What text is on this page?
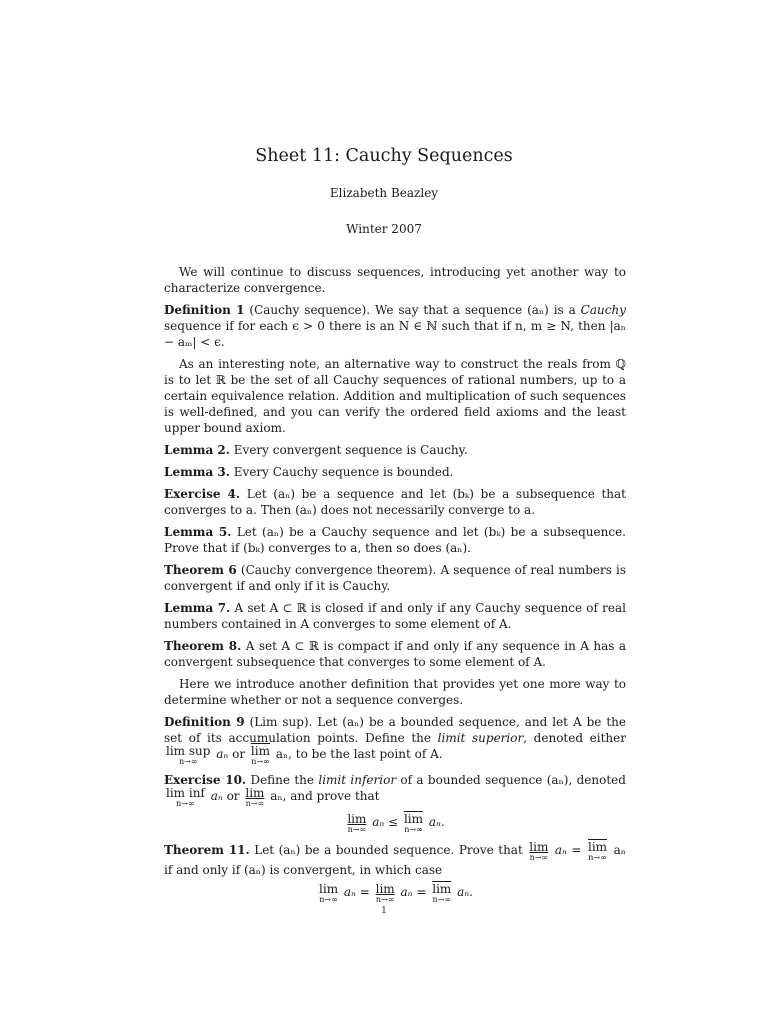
Sheet 11: Cauchy Sequences
Elizabeth Beazley
Winter 2007

We will continue to discuss sequences, introducing yet another way to characterize convergence.

Definition 1 (Cauchy sequence). We say that a sequence (aₙ) is a Cauchy sequence if for each ϵ > 0 there is an N ∈ ℕ such that if n, m ≥ N, then |aₙ − aₘ| < ϵ.

As an interesting note, an alternative way to construct the reals from ℚ is to let ℝ be the set of all Cauchy sequences of rational numbers, up to a certain equivalence relation. Addition and multiplication of such sequences is well-defined, and you can verify the ordered field axioms and the least upper bound axiom.

Lemma 2. Every convergent sequence is Cauchy.

Lemma 3. Every Cauchy sequence is bounded.

Exercise 4. Let (aₙ) be a sequence and let (bₖ) be a subsequence that converges to a. Then (aₙ) does not necessarily converge to a.

Lemma 5. Let (aₙ) be a Cauchy sequence and let (bₖ) be a subsequence. Prove that if (bₖ) converges to a, then so does (aₙ).

Theorem 6 (Cauchy convergence theorem). A sequence of real numbers is convergent if and only if it is Cauchy.

Lemma 7. A set A ⊂ ℝ is closed if and only if any Cauchy sequence of real numbers contained in A converges to some element of A.

Theorem 8. A set A ⊂ ℝ is compact if and only if any sequence in A has a convergent subsequence that converges to some element of A.

Here we introduce another definition that provides yet one more way to determine whether or not a sequence converges.

Definition 9 (Lim sup). Let (aₙ) be a bounded sequence, and let A be the set of its accumulation points. Define the limit superior, denoted either
lim sup
n→∞
aₙ or $\overline{lim}$
n→∞
aₙ, to be the last point of A.

Exercise 10. Define the limit inferior of a bounded sequence (aₙ), denoted
lim inf
n→∞
aₙ or lim
n→∞
aₙ, and prove that

lim
n→∞
$a_n \le \overline{lim}$
n→∞
aₙ.

Theorem 11. Let (aₙ) be a bounded sequence. Prove that lim
n→∞
$a_n = \overline{lim}$
n→∞
aₙ if and only if (aₙ) is convergent, in which case

lim
n→∞
aₙ = lim
n→∞
$a_n = \overline{lim}$
n→∞
aₙ.

1
